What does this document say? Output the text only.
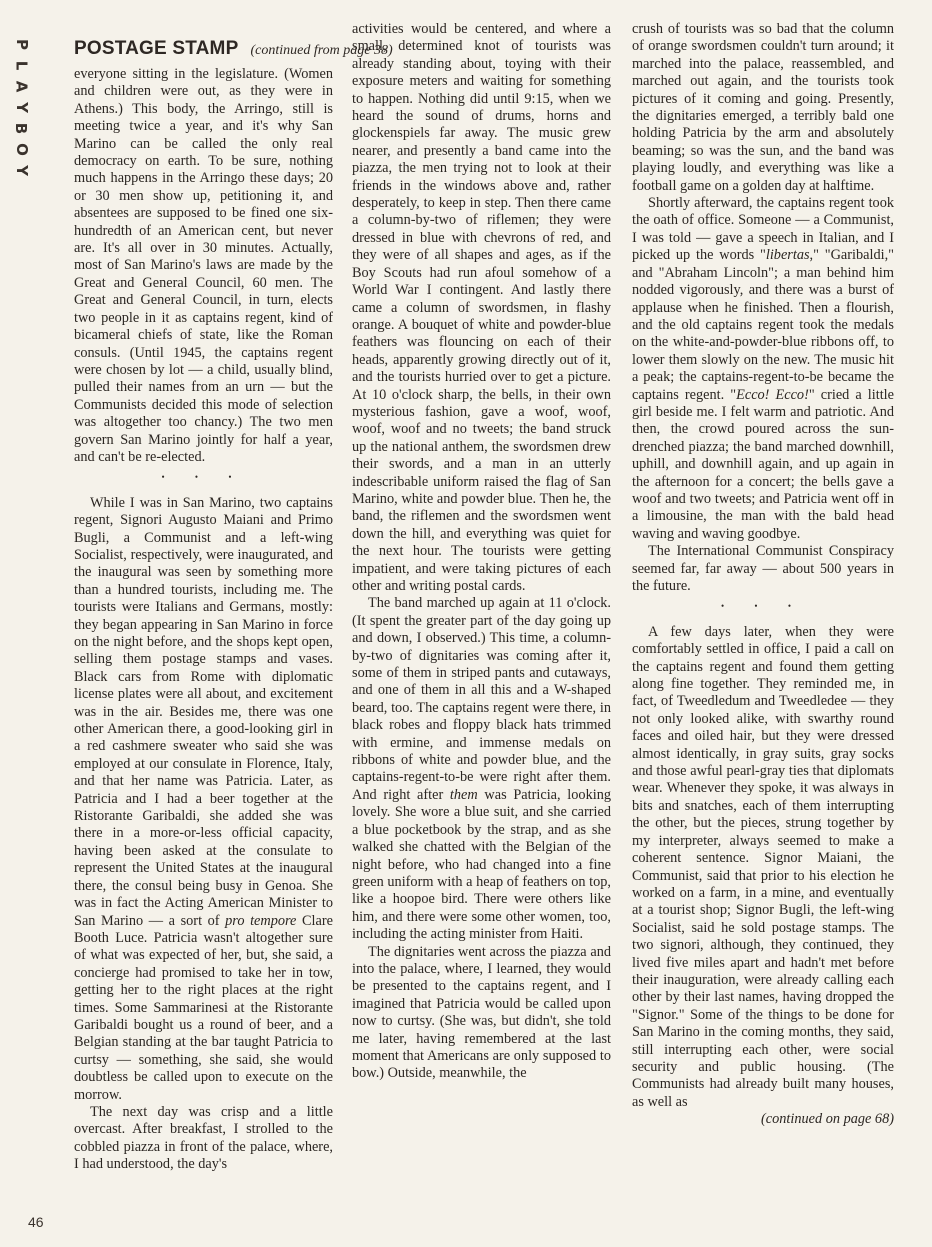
P
L
A
Y
B
O
Y
46
POSTAGE STAMP (continued from page 38)

everyone sitting in the legislature. (Women and children were out, as they were in Athens.) This body, the Arringo, still is meeting twice a year, and it's why San Marino can be called the only real democracy on earth. To be sure, nothing much happens in the Arringo these days; 20 or 30 men show up, petitioning it, and absentees are supposed to be fined one six-hundredth of an American cent, but never are. It's all over in 30 minutes. Actually, most of San Marino's laws are made by the Great and General Council, 60 men. The Great and General Council, in turn, elects two people in it as captains regent, kind of bicameral chiefs of state, like the Roman consuls. (Until 1945, the captains regent were chosen by lot — a child, usually blind, pulled their names from an urn — but the Communists decided this mode of selection was altogether too chancy.) The two men govern San Marino jointly for half a year, and can't be re-elected.

• • •

While I was in San Marino, two captains regent, Signori Augusto Maiani and Primo Bugli, a Communist and a left-wing Socialist, respectively, were inaugurated, and the inaugural was seen by something more than a hundred tourists, including me. The tourists were Italians and Germans, mostly: they began appearing in San Marino in force on the night before, and the shops kept open, selling them postage stamps and vases. Black cars from Rome with diplomatic license plates were all about, and excitement was in the air. Besides me, there was one other American there, a good-looking girl in a red cashmere sweater who said she was employed at our consulate in Florence, Italy, and that her name was Patricia. Later, as Patricia and I had a beer together at the Ristorante Garibaldi, she added she was there in a more-or-less official capacity, having been asked at the consulate to represent the United States at the inaugural there, the consul being busy in Genoa. She was in fact the Acting American Minister to San Marino — a sort of pro tempore Clare Booth Luce. Patricia wasn't altogether sure of what was expected of her, but, she said, a concierge had promised to take her in tow, getting her to the right places at the right times. Some Sammarinesi at the Ristorante Garibaldi bought us a round of beer, and a Belgian standing at the bar taught Patricia to curtsy — something, she said, she would doubtless be called upon to execute on the morrow.

The next day was crisp and a little overcast. After breakfast, I strolled to the cobbled piazza in front of the palace, where, I had understood, the day's

activities would be centered, and where a small, determined knot of tourists was already standing about, toying with their exposure meters and waiting for something to happen. Nothing did until 9:15, when we heard the sound of drums, horns and glockenspiels far away. The music grew nearer, and presently a band came into the piazza, the men trying not to look at their friends in the windows above and, rather desperately, to keep in step. Then there came a column-by-two of riflemen; they were dressed in blue with chevrons of red, and they were of all shapes and ages, as if the Boy Scouts had run afoul somehow of a World War I contingent. And lastly there came a column of swordsmen, in flashy orange. A bouquet of white and powder-blue feathers was flouncing on each of their heads, apparently growing directly out of it, and the tourists hurried over to get a picture. At 10 o'clock sharp, the bells, in their own mysterious fashion, gave a woof, woof, woof, woof and no tweets; the band struck up the national anthem, the swordsmen drew their swords, and a man in an utterly indescribable uniform raised the flag of San Marino, white and powder blue. Then he, the band, the riflemen and the swordsmen went down the hill, and everything was quiet for the next hour. The tourists were getting impatient, and were taking pictures of each other and writing postal cards.

The band marched up again at 11 o'clock. (It spent the greater part of the day going up and down, I observed.) This time, a column-by-two of dignitaries was coming after it, some of them in striped pants and cutaways, and one of them in all this and a W-shaped beard, too. The captains regent were there, in black robes and floppy black hats trimmed with ermine, and immense medals on ribbons of white and powder blue, and the captains-regent-to-be were right after them. And right after them was Patricia, looking lovely. She wore a blue suit, and she carried a blue pocketbook by the strap, and as she walked she chatted with the Belgian of the night before, who had changed into a fine green uniform with a heap of feathers on top, like a hoopoe bird. There were others like him, and there were some other women, too, including the acting minister from Haiti.

The dignitaries went across the piazza and into the palace, where, I learned, they would be presented to the captains regent, and I imagined that Patricia would be called upon now to curtsy. (She was, but didn't, she told me later, having remembered at the last moment that Americans are only supposed to bow.) Outside, meanwhile, the

crush of tourists was so bad that the column of orange swordsmen couldn't turn around; it marched into the palace, reassembled, and marched out again, and the tourists took pictures of it coming and going. Presently, the dignitaries emerged, a terribly bald one holding Patricia by the arm and absolutely beaming; so was the sun, and the band was playing loudly, and everything was like a football game on a golden day at halftime.

Shortly afterward, the captains regent took the oath of office. Someone — a Communist, I was told — gave a speech in Italian, and I picked up the words "libertas," "Garibaldi," and "Abraham Lincoln"; a man behind him nodded vigorously, and there was a burst of applause when he finished. Then a flourish, and the old captains regent took the medals on the white-and-powder-blue ribbons off, to lower them slowly on the new. The music hit a peak; the captains-regent-to-be became the captains regent. "Ecco! Ecco!" cried a little girl beside me. I felt warm and patriotic. And then, the crowd poured across the sun-drenched piazza; the band marched downhill, uphill, and downhill again, and up again in the afternoon for a concert; the bells gave a woof and two tweets; and Patricia went off in a limousine, the man with the bald head waving and waving goodbye.

The International Communist Conspiracy seemed far, far away — about 500 years in the future.

• • •

A few days later, when they were comfortably settled in office, I paid a call on the captains regent and found them getting along fine together. They reminded me, in fact, of Tweedledum and Tweedledee — they not only looked alike, with swarthy round faces and oiled hair, but they were dressed almost identically, in gray suits, gray socks and those awful pearl-gray ties that diplomats wear. Whenever they spoke, it was always in bits and snatches, each of them interrupting the other, but the pieces, strung together by my interpreter, always seemed to make a coherent sentence. Signor Maiani, the Communist, said that prior to his election he worked on a farm, in a mine, and eventually at a tourist shop; Signor Bugli, the left-wing Socialist, said he sold postage stamps. The two signori, although, they continued, they lived five miles apart and hadn't met before their inauguration, were already calling each other by their last names, having dropped the "Signor." Some of the things to be done for San Marino in the coming months, they said, still interrupting each other, were social security and public housing. (The Communists had already built many houses, as well as

(continued on page 68)
